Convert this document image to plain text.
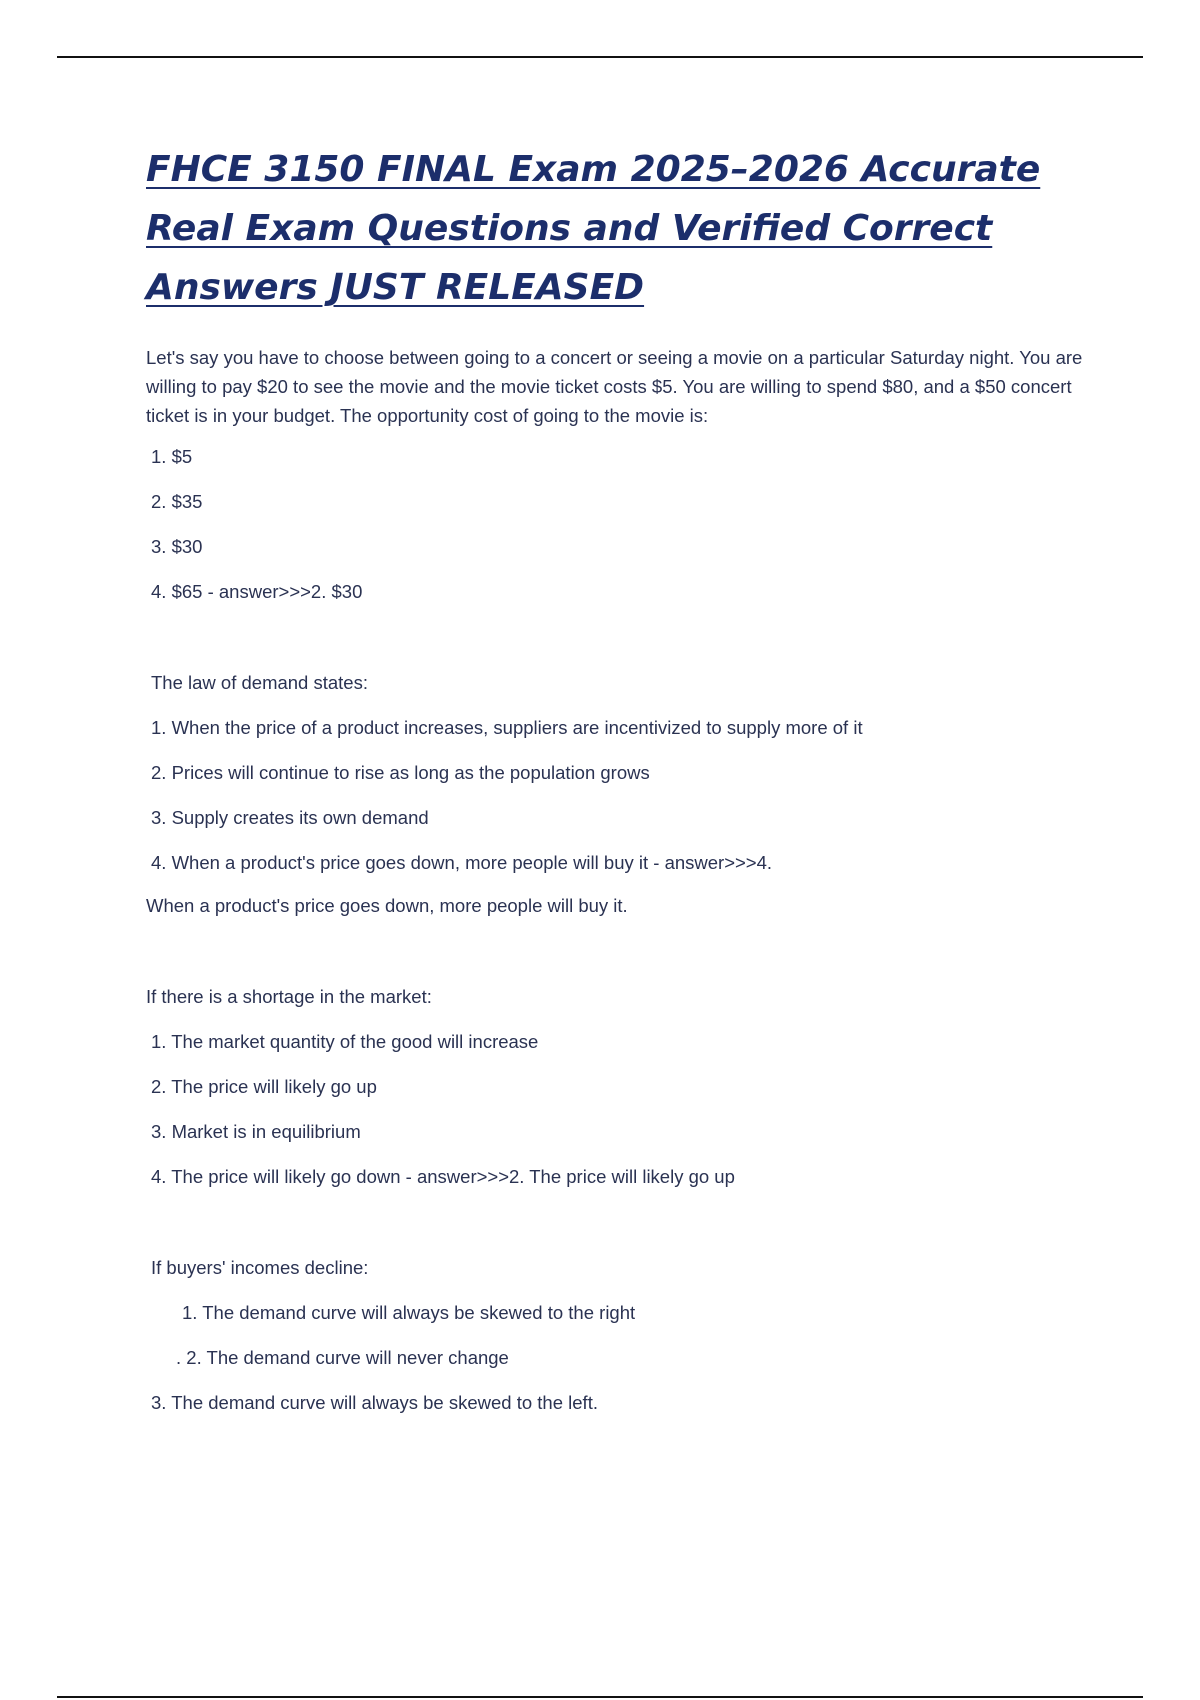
FHCE 3150 FINAL Exam 2025–2026 Accurate Real Exam Questions and Verified Correct Answers JUST RELEASED

Let's say you have to choose between going to a concert or seeing a movie on a particular Saturday night. You are willing to pay $20 to see the movie and the movie ticket costs $5. You are willing to spend $80, and a $50 concert ticket is in your budget. The opportunity cost of going to the movie is:

1. $5
2. $35
3. $30
4. $65 - answer>>>2. $30
The law of demand states:
1. When the price of a product increases, suppliers are incentivized to supply more of it
2. Prices will continue to rise as long as the population grows
3. Supply creates its own demand
4. When a product's price goes down, more people will buy it - answer>>>4.
When a product's price goes down, more people will buy it.
If there is a shortage in the market:
1. The market quantity of the good will increase
2. The price will likely go up
3. Market is in equilibrium
4. The price will likely go down - answer>>>2. The price will likely go up
If buyers' incomes decline:
1. The demand curve will always be skewed to the right
. 2. The demand curve will never change
3. The demand curve will always be skewed to the left.
